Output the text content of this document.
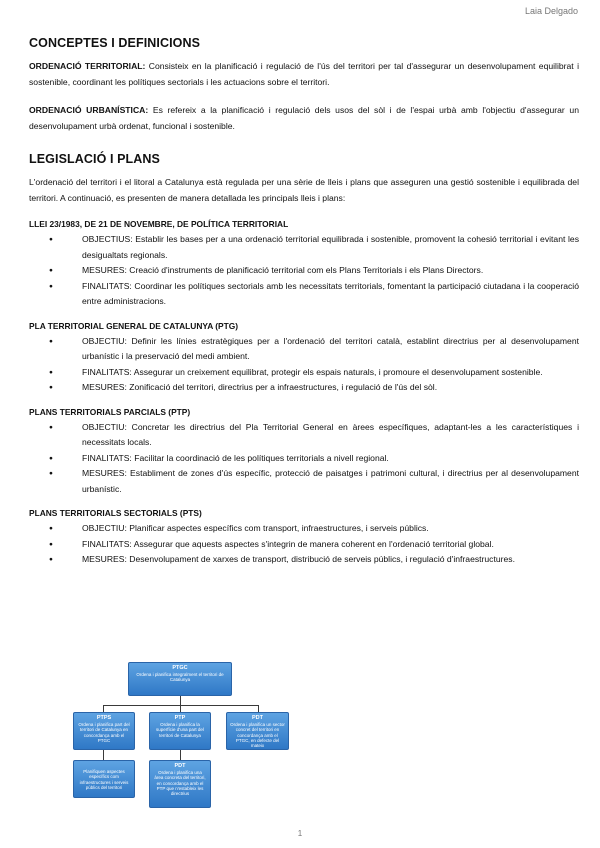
Laia Delgado
CONCEPTES I DEFINICIONS

ORDENACIÓ TERRITORIAL: Consisteix en la planificació i regulació de l'ús del territori per tal d'assegurar un desenvolupament equilibrat i sostenible, coordinant les polítiques sectorials i les actuacions sobre el territori.

ORDENACIÓ URBANÍSTICA: Es refereix a la planificació i regulació dels usos del sòl i de l'espai urbà amb l'objectiu d'assegurar un desenvolupament urbà ordenat, funcional i sostenible.

LEGISLACIÓ I PLANS

L'ordenació del territori i el litoral a Catalunya està regulada per una sèrie de lleis i plans que asseguren una gestió sostenible i equilibrada del territori. A continuació, es presenten de manera detallada les principals lleis i plans:

LLEI 23/1983, DE 21 DE NOVEMBRE, DE POLÍTICA TERRITORIAL
● OBJECTIUS: Establir les bases per a una ordenació territorial equilibrada i sostenible, promovent la cohesió territorial i evitant les desigualtats regionals.
● MESURES: Creació d'instruments de planificació territorial com els Plans Territorials i els Plans Directors.
● FINALITATS: Coordinar les polítiques sectorials amb les necessitats territorials, fomentant la participació ciutadana i la cooperació entre administracions.
PLA TERRITORIAL GENERAL DE CATALUNYA (PTG)
● OBJECTIU: Definir les línies estratègiques per a l'ordenació del territori català, establint directrius per al desenvolupament urbanístic i la preservació del medi ambient.
● FINALITATS: Assegurar un creixement equilibrat, protegir els espais naturals, i promoure el desenvolupament sostenible.
● MESURES: Zonificació del territori, directrius per a infraestructures, i regulació de l'ús del sòl.
PLANS TERRITORIALS PARCIALS (PTP)
● OBJECTIU: Concretar les directrius del Pla Territorial General en àrees específiques, adaptant-les a les característiques i necessitats locals.
● FINALITATS: Facilitar la coordinació de les polítiques territorials a nivell regional.
● MESURES: Establiment de zones d'ús específic, protecció de paisatges i patrimoni cultural, i directrius per al desenvolupament urbanístic.
PLANS TERRITORIALS SECTORIALS (PTS)
● OBJECTIU: Planificar aspectes específics com transport, infraestructures, i serveis públics.
● FINALITATS: Assegurar que aquests aspectes s'integrin de manera coherent en l'ordenació territorial global.
● MESURES: Desenvolupament de xarxes de transport, distribució de serveis públics, i regulació d'infraestructures.
PTGC
Ordena i planifica integralment el territori de Catalunya
PTPS
Ordena i planifica part del territori de Catalunya en concordança amb el PTGC
PTP
Ordena i planifica la superfície d'una part del territori de Catalunya
PDT
Ordena i planifica un sector concret del territori en concordança amb el PTGC, en defecte del mateix
Planifiquen aspectes específics com infraestructures i serveis públics del territori
PDT
Ordena i planifica una àrea concreta del territori, en concordança amb el PTP que n'estableix les directrius
1
